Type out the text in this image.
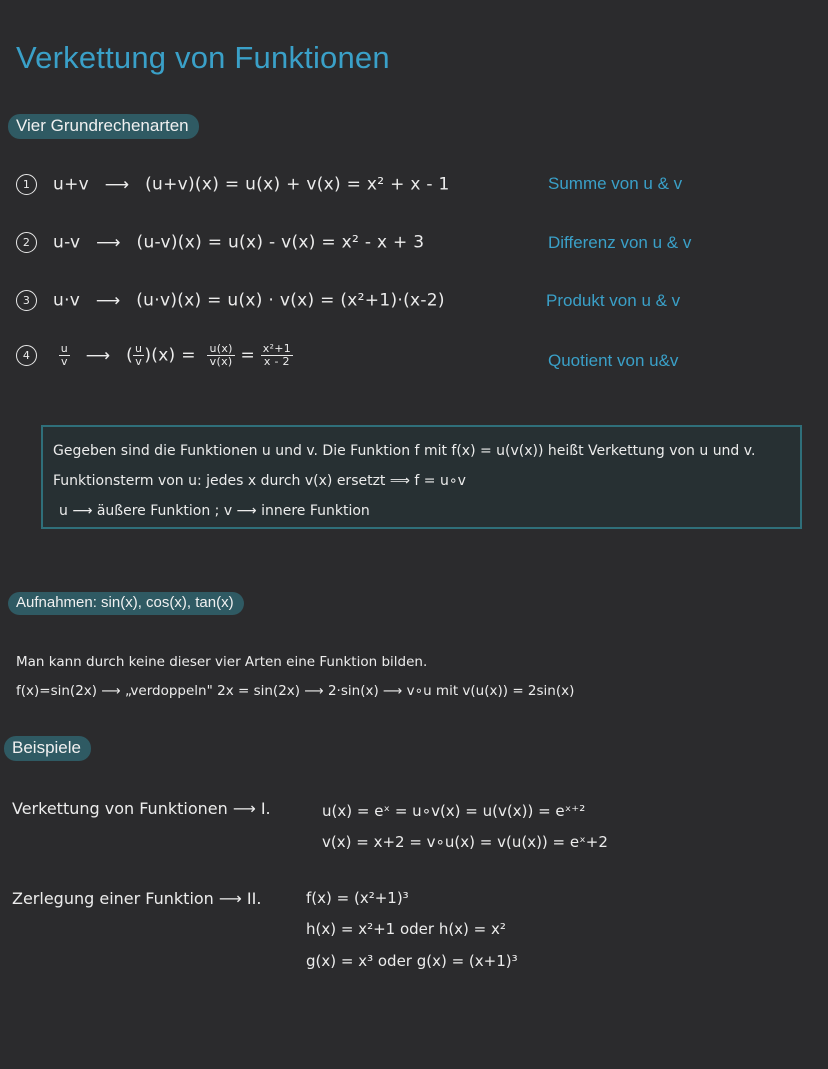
Verkettung von Funktionen
Vier Grundrechenarten
1 u+v ⟶ (u+v)(x) = u(x) + v(x) = x² + x - 1	Summe von u & v
2 u-v ⟶ (u-v)(x) = u(x) - v(x) = x² - x + 3	Differenz von u & v
3 u·v ⟶ (u·v)(x) = u(x) · v(x) = (x²+1)·(x-2)	Produkt von u & v
4	$\frac{u}{v}$ ⟶ ( $\frac{u}{v} )(x) = \frac{u(x)}{v(x)} = \frac{\text{x²+1}}{x - 2}$	Quotient von u&v
Gegeben sind die Funktionen u und v. Die Funktion f mit f(x) = u(v(x)) heißt Verkettung von u und v.
Funktionsterm von u: jedes x durch v(x) ersetzt ⟹ f = u∘v
u ⟶ äußere Funktion ; v ⟶ innere Funktion
Aufnahmen: sin(x), cos(x), tan(x)
Man kann durch keine dieser vier Arten eine Funktion bilden.
f(x)=sin(2x) ⟶ „verdoppeln" 2x = sin(2x) ⟶ 2·sin(x) ⟶ v∘u mit v(u(x)) = 2sin(x)
Beispiele
Verkettung von Funktionen ⟶ I.	u(x) = eˣ = u∘v(x) = u(v(x)) = eˣ⁺²
v(x) = x+2 = v∘u(x) = v(u(x)) = eˣ+2
Zerlegung einer Funktion ⟶ II.	f(x) = (x²+1)³
h(x) = x²+1 oder h(x) = x²
g(x) = x³ oder g(x) = (x+1)³
